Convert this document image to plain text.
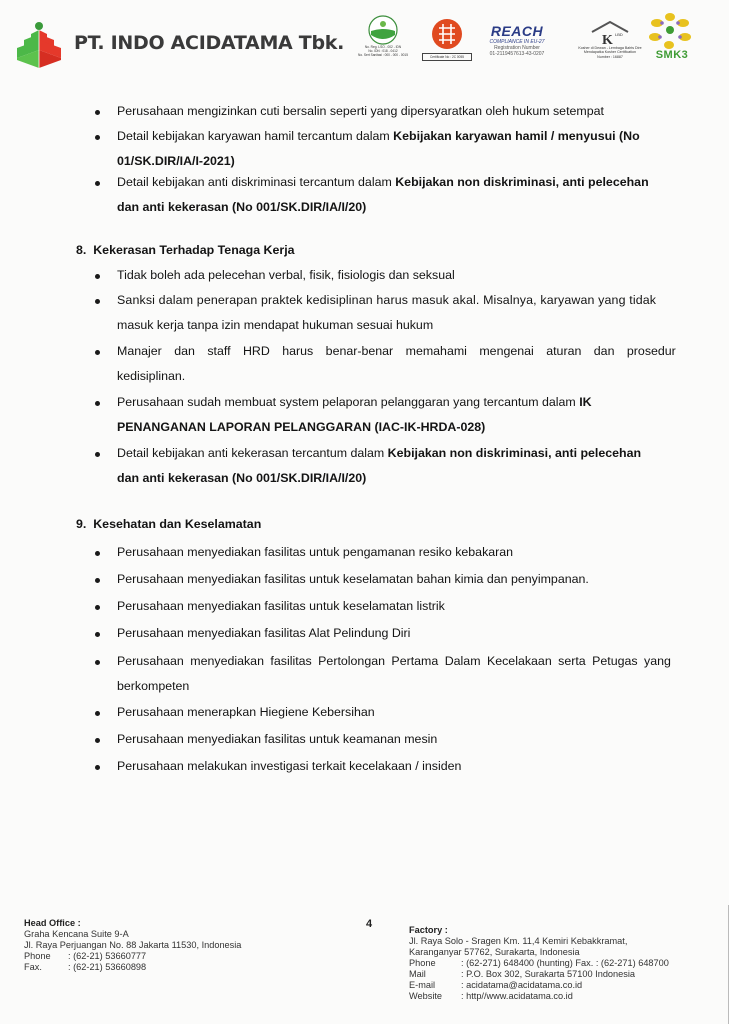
PT. INDO ACIDATAMA Tbk.	No. Reg. LSO - 002 - IDN
No. IDN : 018 - 0412
No. Sert Sanitasi : 000 - 000 - 0015	Certificate No : 2C 0055
REACH
COMPLIANCE IN EU-27
Registration Number
01-2119457613-43-0207
K LBD
Kosher di Dewan - Lembaga Bahts Dire
Mendapatka Kosher Certification
Number : 16887	SMK3
Perusahaan mengizinkan cuti bersalin seperti yang dipersyaratkan oleh hukum setempat
Detail kebijakan karyawan hamil tercantum dalam Kebijakan karyawan hamil / menyusui (No
01/SK.DIR/IA/I-2021)
Detail kebijakan anti diskriminasi tercantum dalam Kebijakan non diskriminasi, anti pelecehan
dan anti kekerasan (No 001/SK.DIR/IA/I/20)
8. Kekerasan Terhadap Tenaga Kerja
Tidak boleh ada pelecehan verbal, fisik, fisiologis dan seksual
Sanksi dalam penerapan praktek kedisiplinan harus masuk akal. Misalnya, karyawan yang tidak
masuk kerja tanpa izin mendapat hukuman sesuai hukum
Manajer dan staff HRD harus benar-benar memahami mengenai aturan dan prosedur
kedisiplinan.
Perusahaan sudah membuat system pelaporan pelanggaran yang tercantum dalam IK
PENANGANAN LAPORAN PELANGGARAN (IAC-IK-HRDA-028)
Detail kebijakan anti kekerasan tercantum dalam Kebijakan non diskriminasi, anti pelecehan
dan anti kekerasan (No 001/SK.DIR/IA/I/20)
9. Kesehatan dan Keselamatan
Perusahaan menyediakan fasilitas untuk pengamanan resiko kebakaran
Perusahaan menyediakan fasilitas untuk keselamatan bahan kimia dan penyimpanan.
Perusahaan menyediakan fasilitas untuk keselamatan listrik
Perusahaan menyediakan fasilitas Alat Pelindung Diri
Perusahaan menyediakan fasilitas Pertolongan Pertama Dalam Kecelakaan serta Petugas yang
berkompeten
Perusahaan menerapkan Hiegiene Kebersihan
Perusahaan menyediakan fasilitas untuk keamanan mesin
Perusahaan melakukan investigasi terkait kecelakaan / insiden
Head Office :
Graha Kencana Suite 9-A
Jl. Raya Perjuangan No. 88 Jakarta 11530, Indonesia
Phone	: (62-21) 53660777
Fax.	: (62-21) 53660898
4	Factory :
Jl. Raya Solo - Sragen Km. 11,4 Kemiri Kebakkramat,
Karanganyar 57762, Surakarta, Indonesia
Phone	: (62-271) 648400 (hunting) Fax. : (62-271) 648700
Mail	: P.O. Box 302, Surakarta 57100 Indonesia
E-mail	: acidatama@acidatama.co.id
Website	: http//www.acidatama.co.id
